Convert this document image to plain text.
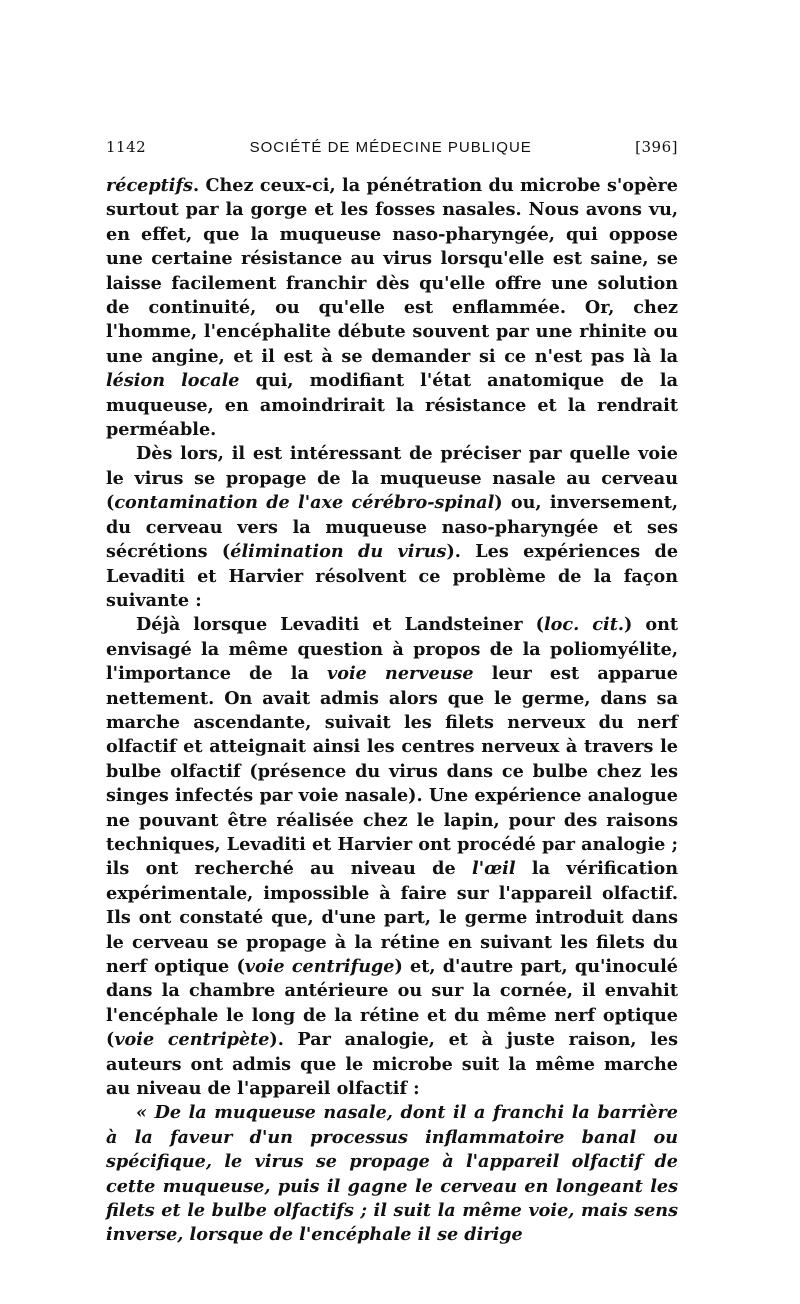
1142	SOCIÉTÉ DE MÉDECINE PUBLIQUE	[396]

réceptifs. Chez ceux-ci, la pénétration du microbe s'opère surtout par la gorge et les fosses nasales. Nous avons vu, en effet, que la muqueuse naso-pharyngée, qui oppose une certaine résistance au virus lorsqu'elle est saine, se laisse facilement franchir dès qu'elle offre une solution de continuité, ou qu'elle est enflammée. Or, chez l'homme, l'encéphalite débute souvent par une rhinite ou une angine, et il est à se demander si ce n'est pas là la lésion locale qui, modifiant l'état anatomique de la muqueuse, en amoindrirait la résistance et la rendrait perméable.

Dès lors, il est intéressant de préciser par quelle voie le virus se propage de la muqueuse nasale au cerveau (contamination de l'axe cérébro-spinal) ou, inversement, du cerveau vers la muqueuse naso-pharyngée et ses sécrétions (élimination du virus). Les expériences de Levaditi et Harvier résolvent ce problème de la façon suivante :

Déjà lorsque Levaditi et Landsteiner (loc. cit.) ont envisagé la même question à propos de la poliomyélite, l'importance de la voie nerveuse leur est apparue nettement. On avait admis alors que le germe, dans sa marche ascendante, suivait les filets nerveux du nerf olfactif et atteignait ainsi les centres nerveux à travers le bulbe olfactif (présence du virus dans ce bulbe chez les singes infectés par voie nasale). Une expérience analogue ne pouvant être réalisée chez le lapin, pour des raisons techniques, Levaditi et Harvier ont procédé par analogie ; ils ont recherché au niveau de l'œil la vérification expérimentale, impossible à faire sur l'appareil olfactif. Ils ont constaté que, d'une part, le germe introduit dans le cerveau se propage à la rétine en suivant les filets du nerf optique (voie centrifuge) et, d'autre part, qu'inoculé dans la chambre antérieure ou sur la cornée, il envahit l'encéphale le long de la rétine et du même nerf optique (voie centripète). Par analogie, et à juste raison, les auteurs ont admis que le microbe suit la même marche au niveau de l'appareil olfactif :

« De la muqueuse nasale, dont il a franchi la barrière à la faveur d'un processus inflammatoire banal ou spécifique, le virus se propage à l'appareil olfactif de cette muqueuse, puis il gagne le cerveau en longeant les filets et le bulbe olfactifs ; il suit la même voie, mais sens inverse, lorsque de l'encéphale il se dirige
